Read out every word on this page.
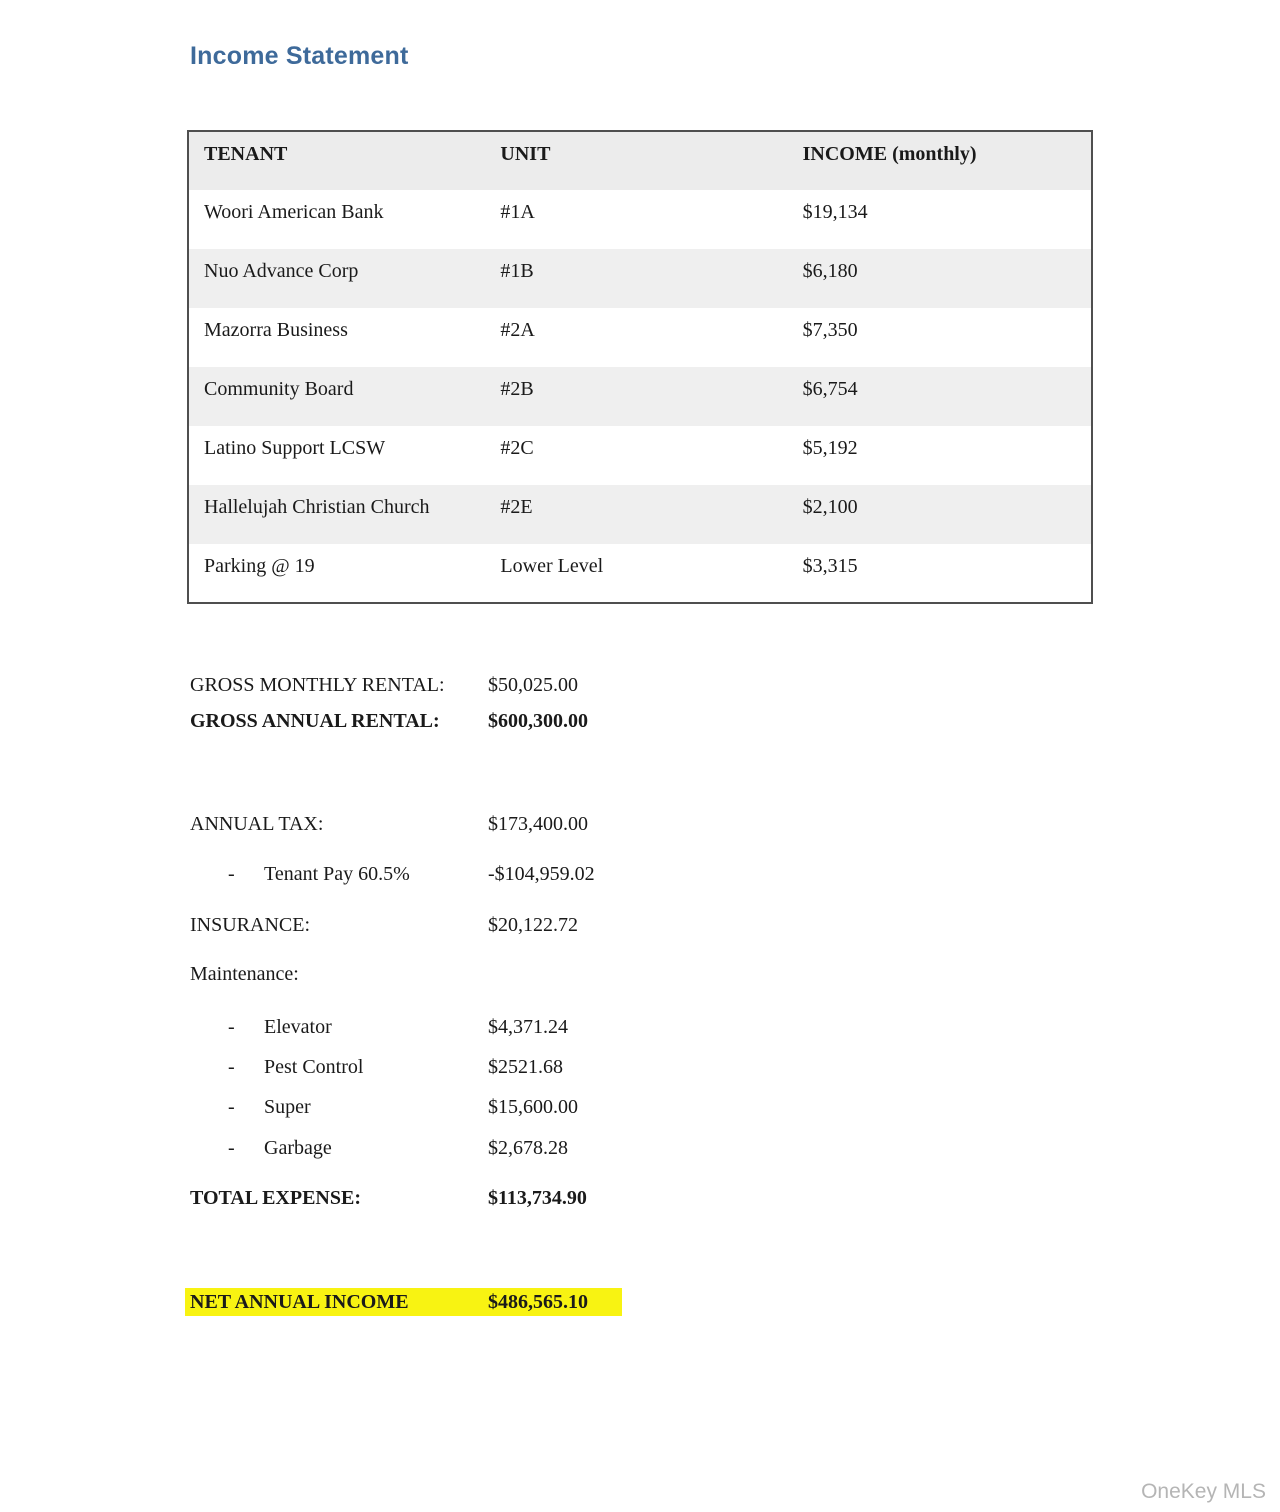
Income Statement
TENANT	UNIT	INCOME (monthly)
Woori American Bank	#1A	$19,134
Nuo Advance Corp	#1B	$6,180
Mazorra Business	#2A	$7,350
Community Board	#2B	$6,754
Latino Support LCSW	#2C	$5,192
Hallelujah Christian Church	#2E	$2,100
Parking @ 19	Lower Level	$3,315
GROSS MONTHLY RENTAL:	$50,025.00
GROSS ANNUAL RENTAL:	$600,300.00
ANNUAL TAX:	$173,400.00
- Tenant Pay 60.5%	-$104,959.02
INSURANCE:	$20,122.72
Maintenance:
- Elevator	$4,371.24
- Pest Control	$2521.68
- Super	$15,600.00
- Garbage	$2,678.28
TOTAL EXPENSE:	$113,734.90
NET ANNUAL INCOME	$486,565.10
OneKey MLS
